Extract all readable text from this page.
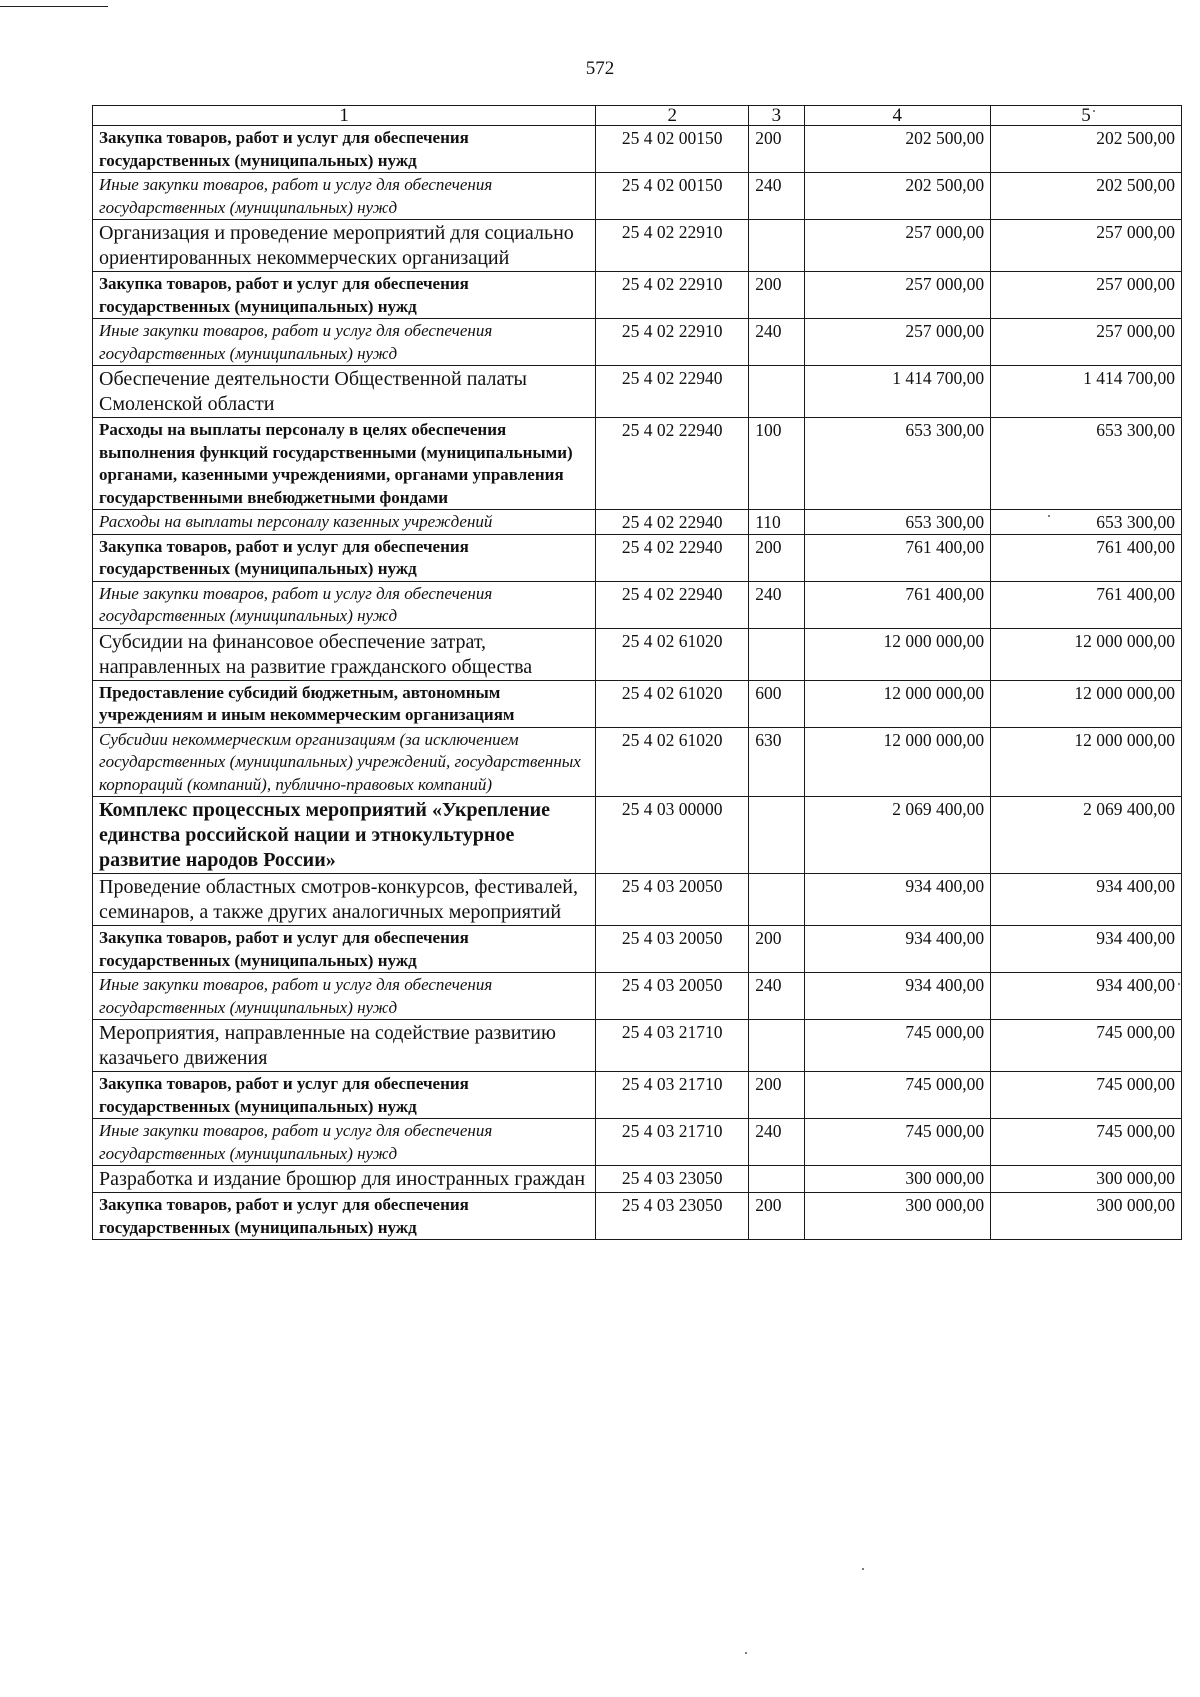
572
1	2	3	4	5
Закупка товаров, работ и услуг для обеспечения государственных (муниципальных) нужд	25 4 02 00150	200	202 500,00	202 500,00
Иные закупки товаров, работ и услуг для обеспечения государственных (муниципальных) нужд	25 4 02 00150	240	202 500,00	202 500,00
Организация и проведение мероприятий для социально ориентированных некоммерческих организаций	25 4 02 22910		257 000,00	257 000,00
Закупка товаров, работ и услуг для обеспечения государственных (муниципальных) нужд	25 4 02 22910	200	257 000,00	257 000,00
Иные закупки товаров, работ и услуг для обеспечения государственных (муниципальных) нужд	25 4 02 22910	240	257 000,00	257 000,00
Обеспечение деятельности Общественной палаты Смоленской области	25 4 02 22940		1 414 700,00	1 414 700,00
Расходы на выплаты персоналу в целях обеспечения выполнения функций государственными (муниципальными) органами, казенными учреждениями, органами управления государственными внебюджетными фондами	25 4 02 22940	100	653 300,00	653 300,00
Расходы на выплаты персоналу казенных учреждений	25 4 02 22940	110	653 300,00	653 300,00
Закупка товаров, работ и услуг для обеспечения государственных (муниципальных) нужд	25 4 02 22940	200	761 400,00	761 400,00
Иные закупки товаров, работ и услуг для обеспечения государственных (муниципальных) нужд	25 4 02 22940	240	761 400,00	761 400,00
Субсидии на финансовое обеспечение затрат, направленных на развитие гражданского общества	25 4 02 61020		12 000 000,00	12 000 000,00
Предоставление субсидий бюджетным, автономным учреждениям и иным некоммерческим организациям	25 4 02 61020	600	12 000 000,00	12 000 000,00
Субсидии некоммерческим организациям (за исключением государственных (муниципальных) учреждений, государственных корпораций (компаний), публично-правовых компаний)	25 4 02 61020	630	12 000 000,00	12 000 000,00
Комплекс процессных мероприятий «Укрепление единства российской нации и этнокультурное развитие народов России»	25 4 03 00000		2 069 400,00	2 069 400,00
Проведение областных смотров-конкурсов, фестивалей, семинаров, а также других аналогичных мероприятий	25 4 03 20050		934 400,00	934 400,00
Закупка товаров, работ и услуг для обеспечения государственных (муниципальных) нужд	25 4 03 20050	200	934 400,00	934 400,00
Иные закупки товаров, работ и услуг для обеспечения государственных (муниципальных) нужд	25 4 03 20050	240	934 400,00	934 400,00
Мероприятия, направленные на содействие развитию казачьего движения	25 4 03 21710		745 000,00	745 000,00
Закупка товаров, работ и услуг для обеспечения государственных (муниципальных) нужд	25 4 03 21710	200	745 000,00	745 000,00
Иные закупки товаров, работ и услуг для обеспечения государственных (муниципальных) нужд	25 4 03 21710	240	745 000,00	745 000,00
Разработка и издание брошюр для иностранных граждан	25 4 03 23050		300 000,00	300 000,00
Закупка товаров, работ и услуг для обеспечения государственных (муниципальных) нужд	25 4 03 23050	200	300 000,00	300 000,00
